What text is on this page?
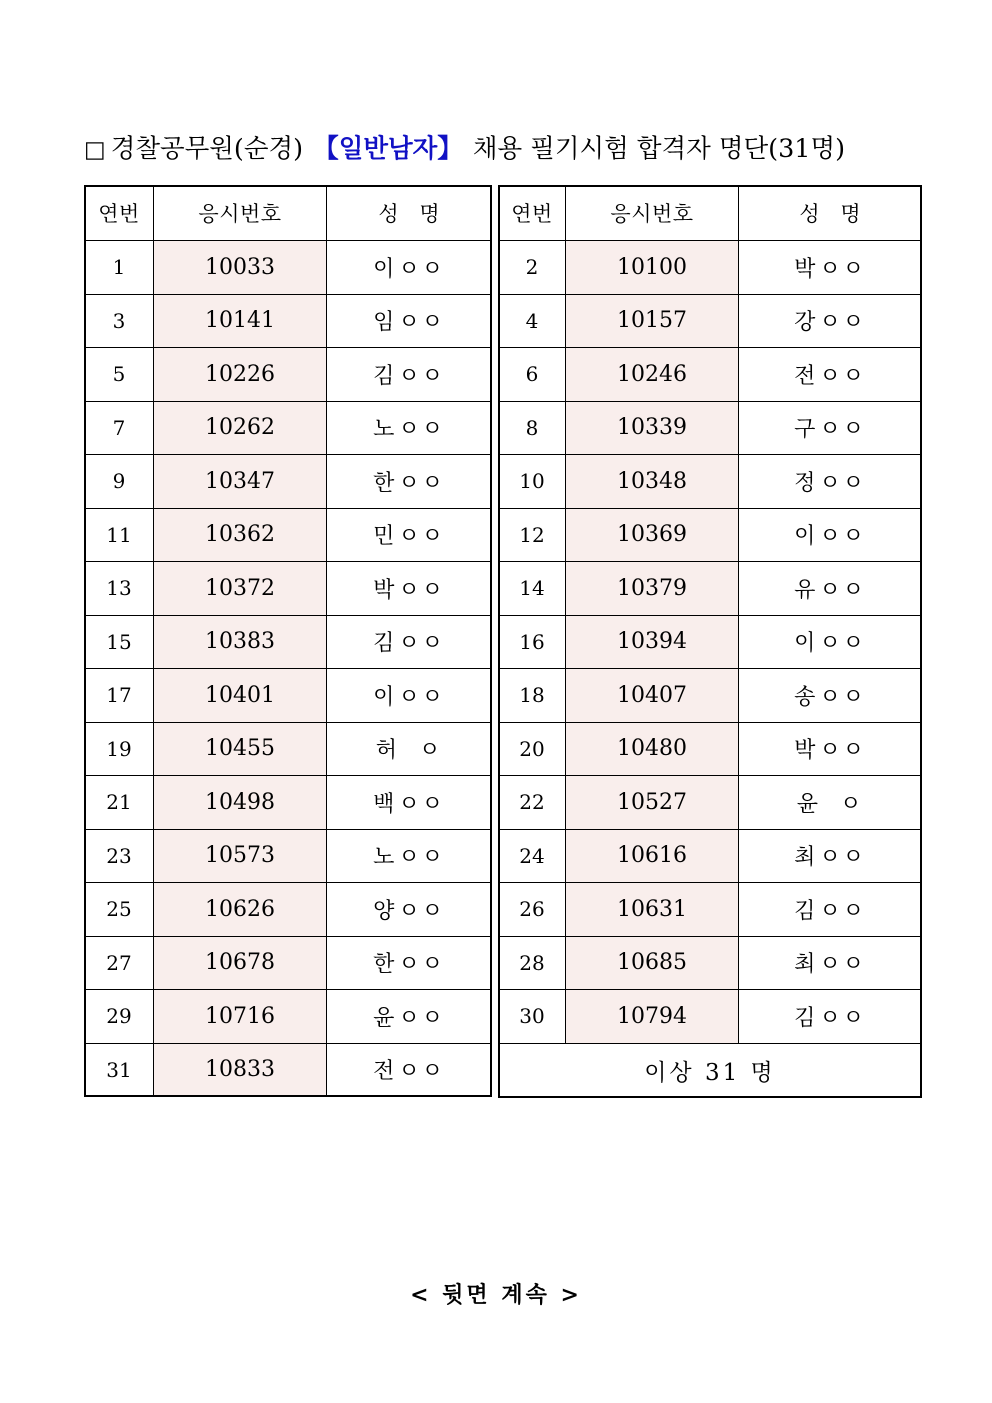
□ 경찰공무원(순경) 【일반남자】 채용 필기시험 합격자 명단(31명)
연번	응시번호	성 명
1	10033	이 ㅇㅇ
3	10141	임 ㅇㅇ
5	10226	김 ㅇㅇ
7	10262	노 ㅇㅇ
9	10347	한 ㅇㅇ
11	10362	민 ㅇㅇ
13	10372	박 ㅇㅇ
15	10383	김 ㅇㅇ
17	10401	이 ㅇㅇ
19	10455	허 ㅇ
21	10498	백 ㅇㅇ
23	10573	노 ㅇㅇ
25	10626	양 ㅇㅇ
27	10678	한 ㅇㅇ
29	10716	윤 ㅇㅇ
31	10833	전 ㅇㅇ
연번	응시번호	성 명
2	10100	박 ㅇㅇ
4	10157	강 ㅇㅇ
6	10246	전 ㅇㅇ
8	10339	구 ㅇㅇ
10	10348	정 ㅇㅇ
12	10369	이 ㅇㅇ
14	10379	유 ㅇㅇ
16	10394	이 ㅇㅇ
18	10407	송 ㅇㅇ
20	10480	박 ㅇㅇ
22	10527	윤 ㅇ
24	10616	최 ㅇㅇ
26	10631	김 ㅇㅇ
28	10685	최 ㅇㅇ
30	10794	김 ㅇㅇ
이상 31 명		
< 뒷면 계속 >
